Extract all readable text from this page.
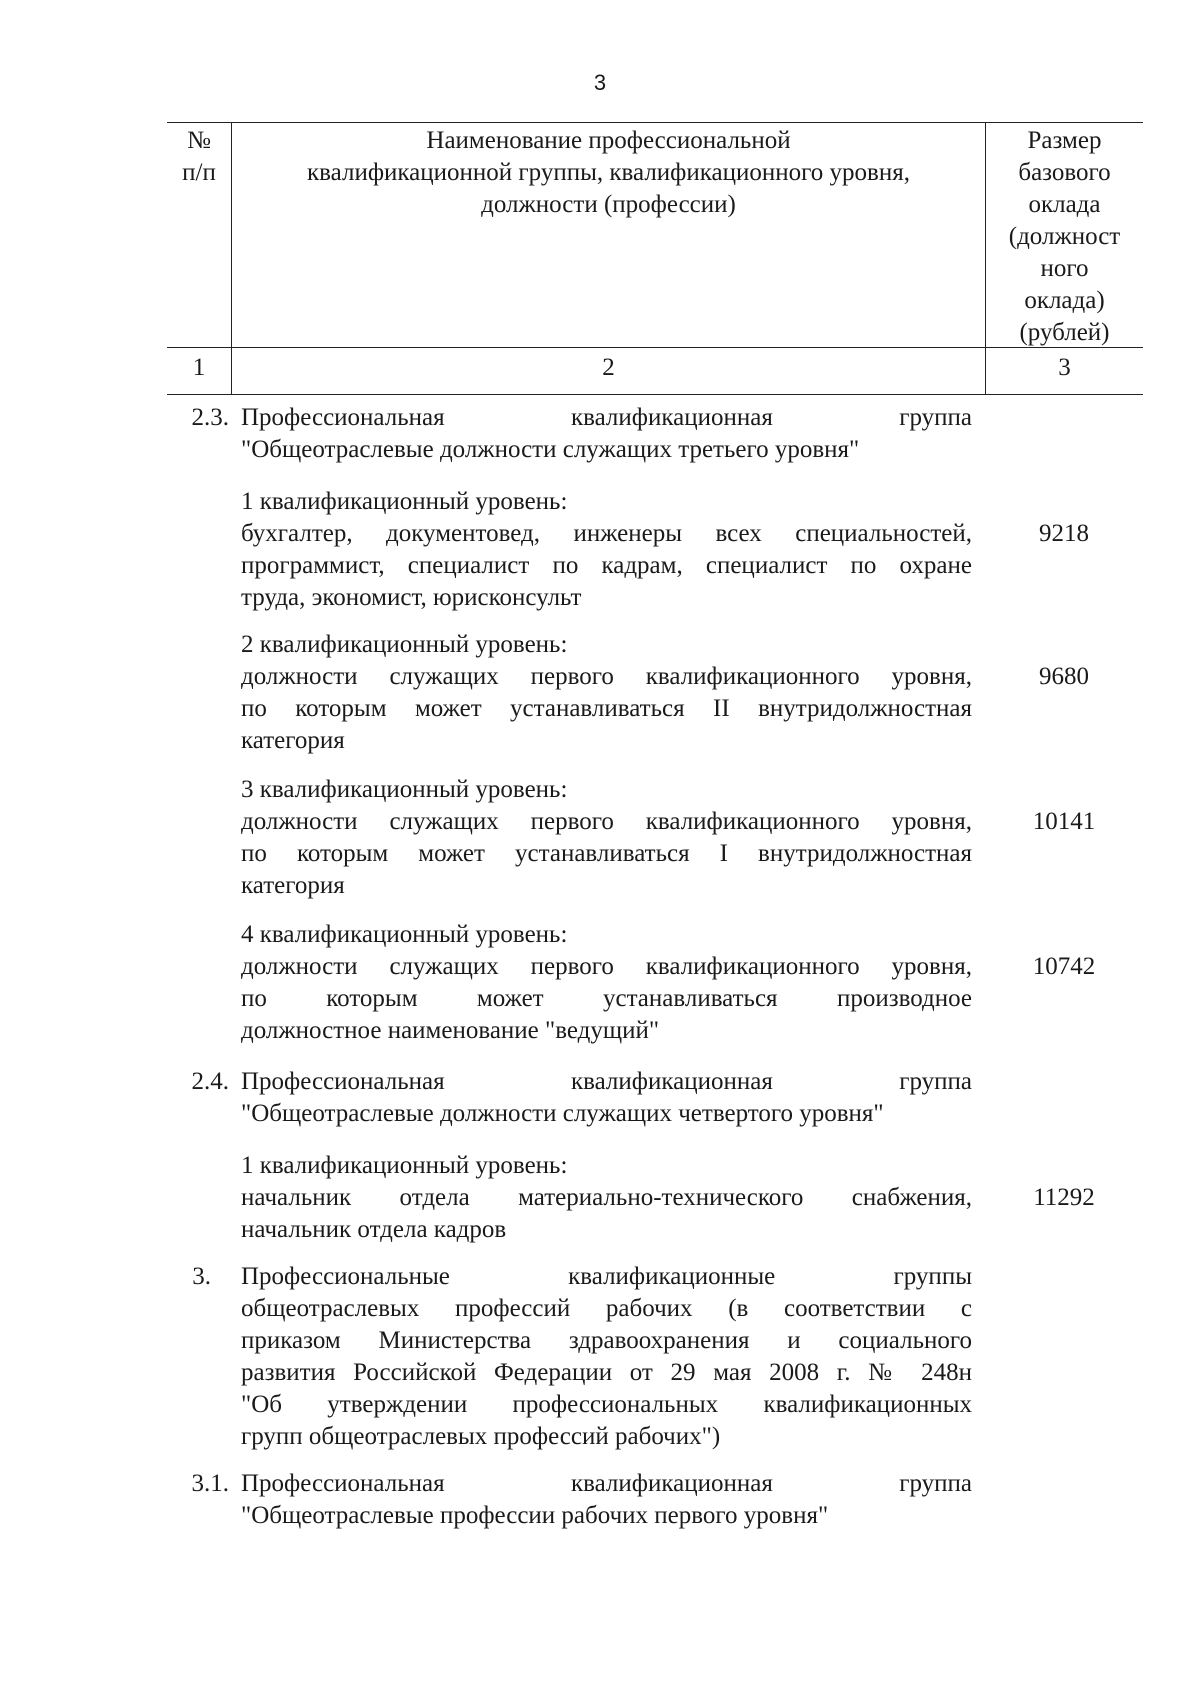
3
№
п/п
Наименование профессиональной
квалификационной группы, квалификационного уровня,
должности (профессии)
Размер
базового
оклада
(должност
ного
оклада)
(рублей)
1	2	3
2.3. Профессиональная квалификационная группа
"Общеотраслевые должности служащих третьего уровня"
1 квалификационный уровень:
бухгалтер, документовед, инженеры всех специальностей,
программист, специалист по кадрам, специалист по охране
труда, экономист, юрисконсульт
9218
2 квалификационный уровень:
должности служащих первого квалификационного уровня,
по которым может устанавливаться II внутридолжностная
категория
9680
3 квалификационный уровень:
должности служащих первого квалификационного уровня,
по которым может устанавливаться I внутридолжностная
категория
10141
4 квалификационный уровень:
должности служащих первого квалификационного уровня,
по которым может устанавливаться производное
должностное наименование "ведущий"
10742
2.4. Профессиональная квалификационная группа
"Общеотраслевые должности служащих четвертого уровня"
1 квалификационный уровень:
начальник отдела материально-технического снабжения,
начальник отдела кадров
11292
3. Профессиональные квалификационные группы
общеотраслевых профессий рабочих (в соответствии с
приказом Министерства здравоохранения и социального
развития Российской Федерации от 29 мая 2008 г. № 248н
"Об утверждении профессиональных квалификационных
групп общеотраслевых профессий рабочих")
3.1. Профессиональная квалификационная группа
"Общеотраслевые профессии рабочих первого уровня"
